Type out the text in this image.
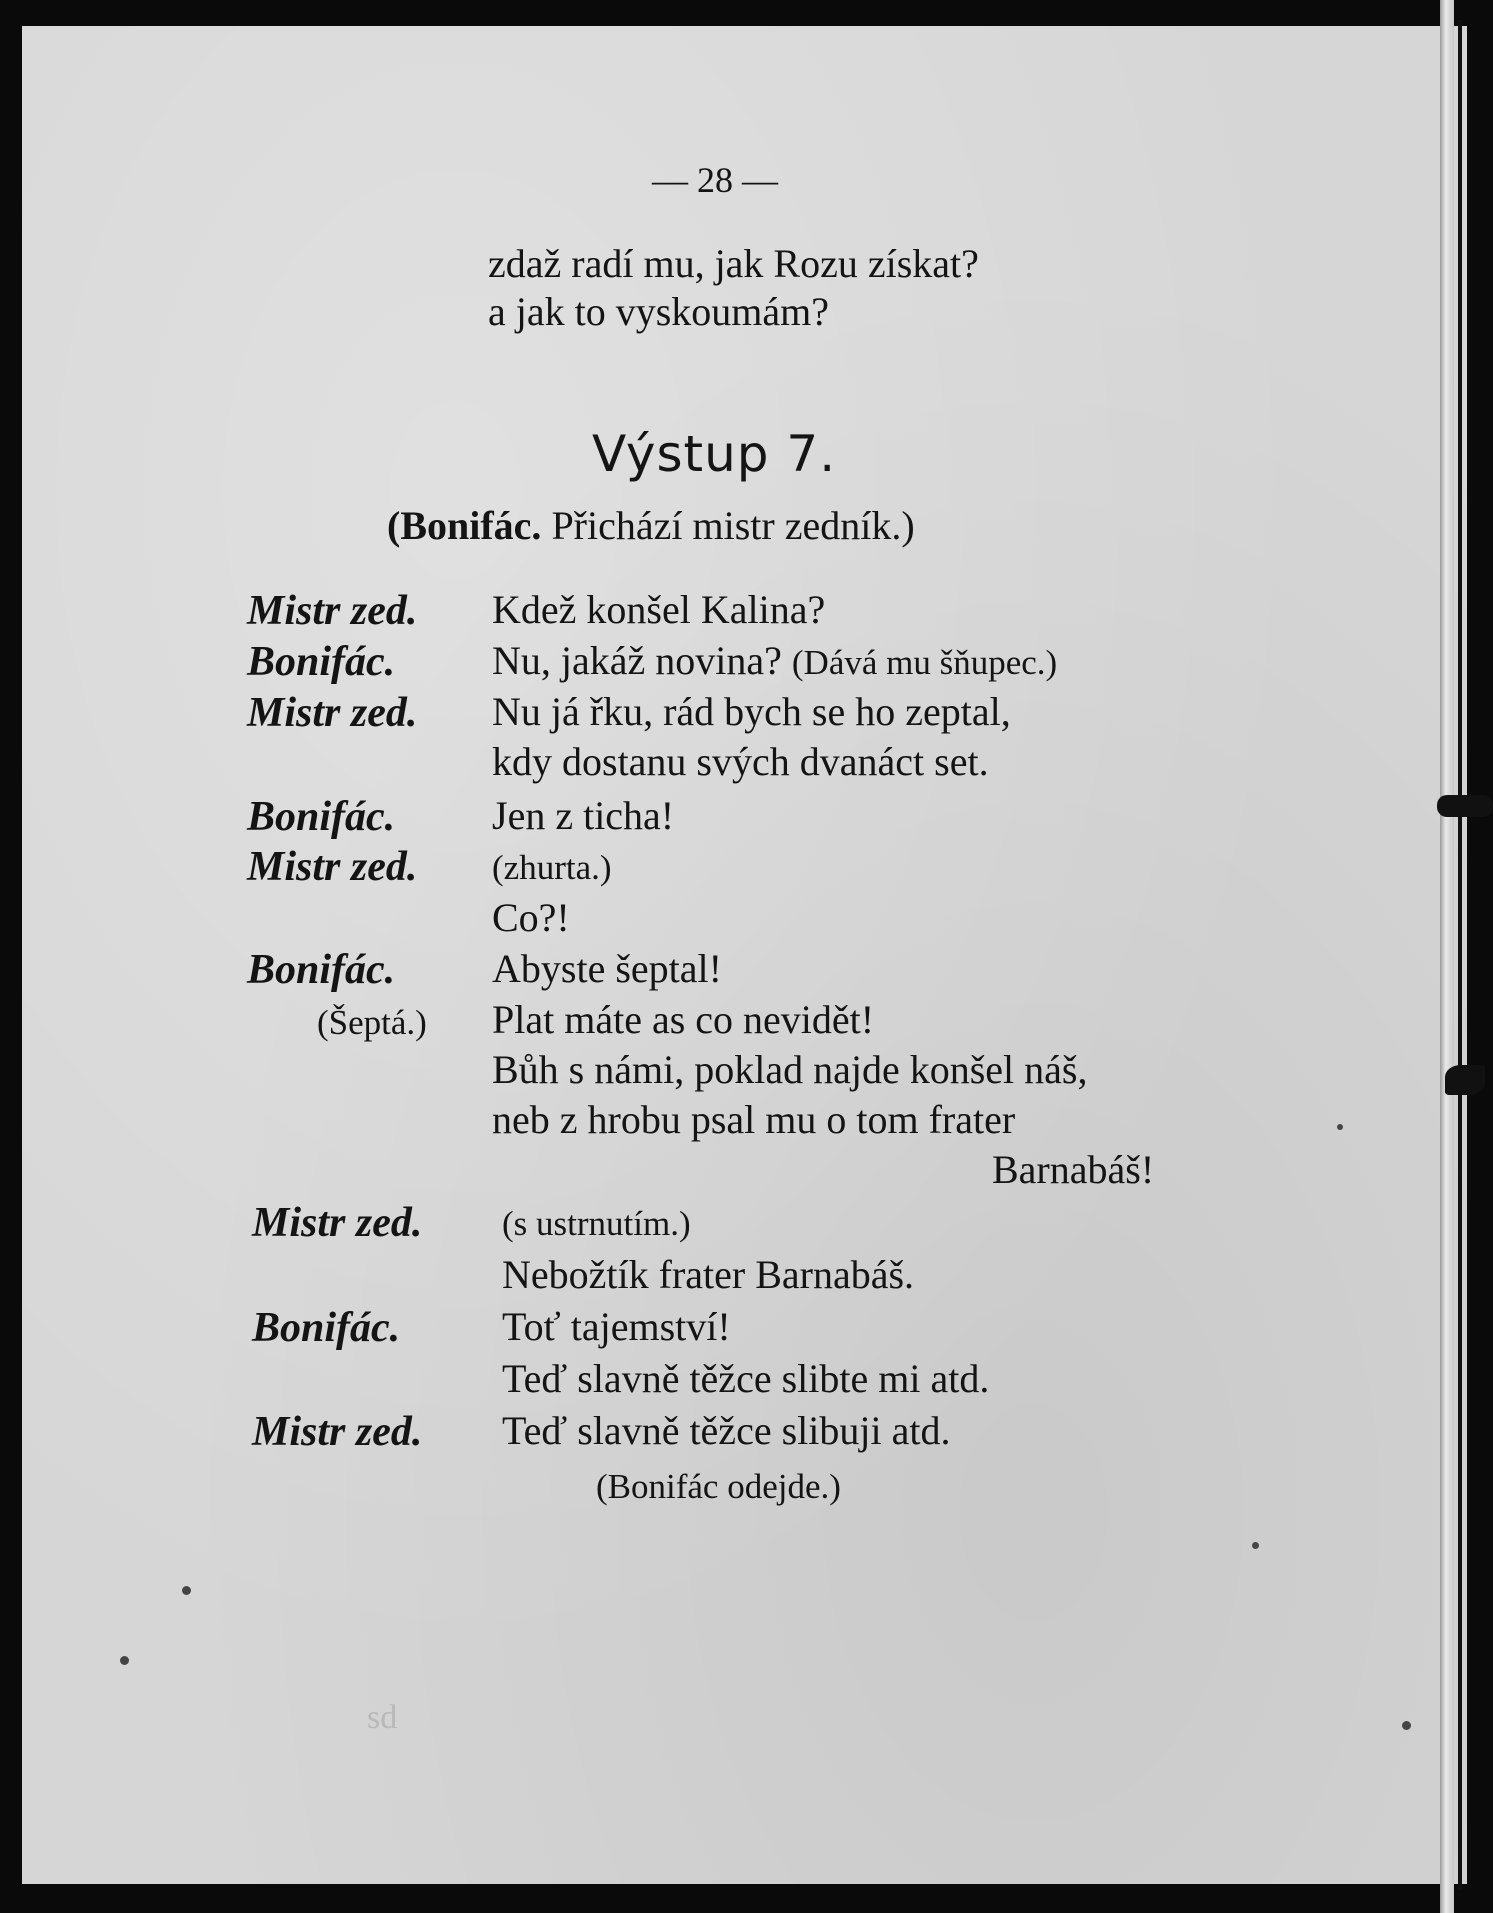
— 28 —
zdaž radí mu, jak Rozu získat?
a jak to vyskoumám?
Výstup 7.
(Bonifác. Přichází mistr zedník.)
Mistr zed.
Bonifác.
Mistr zed.
Bonifác.
Mistr zed.
Bonifác.
(Šeptá.)
Mistr zed.
Bonifác.
Mistr zed.
Kdež konšel Kalina?
Nu, jakáž novina? (Dává mu šňupec.)
Nu já řku, rád bych se ho zeptal,
kdy dostanu svých dvanáct set.
Jen z ticha!
(zhurta.)
Co?!
Abyste šeptal!
Plat máte as co nevidět!
Bůh s námi, poklad najde konšel náš,
neb z hrobu psal mu o tom frater
Barnabáš!
(s ustrnutím.)
Nebožtík frater Barnabáš.
Toť tajemství!
Teď slavně těžce slibte mi atd.
Teď slavně těžce slibuji atd.
(Bonifác odejde.)
sd
